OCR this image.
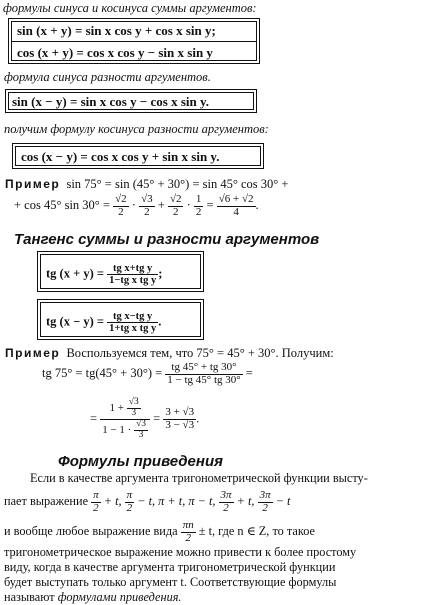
формулы синуса и косинуса суммы аргументов:
sin (x + y) = sin x cos y + cos x sin y;
cos (x + y) = cos x cos y − sin x sin y
формула синуса разности аргументов.
sin (x − y) = sin x cos y − cos x sin y.
получим формулу косинуса разности аргументов:
cos (x − y) = cos x cos y + sin x sin y.
Пример sin 75° = sin (45° + 30°) = sin 45° cos 30° +
+ cos 45° $\sin 30^\circ = \frac{√2}{2} \cdot \frac{√3}{2} + \frac{√2}{2} \cdot \frac{1}{2} = \frac{√6 + √2}{4}$ .
Тангенс суммы и разности аргументов
tg $(x + y) = \frac{\text{tg x+tg y}}{\text{1−tg x tg y}}$ ;
tg $(x - y) = \frac{\text{tg x−tg y}}{\text{1+tg x tg y}}$ .
Пример Воспользуемся тем, что 75° = 45° + 30°. Получим:
tg $75^\circ = tg(45^\circ + 30^\circ) = \frac{tg 45^\circ + tg 30^\circ}{1 - tg 45^\circ tg 30^\circ}$ =
= $\frac{1 + \frac{√3}{3}}{1 - 1 \cdot \frac{√3}{3}} = \frac{3 + √3}{3 - √3}$ .
Формулы приведения
Если в качестве аргумента тригонометрической функции высту-
пает выражение $\frac{\pi}{2} + t$, $\frac{\pi}{2} - t$, π + t, π − t, $\frac{3\pi}{2} + t$, $\frac{3\pi}{2} - t$
и вообще любое выражение вида $\frac{\pi n}{2} \pm t$, где n ∈ Z, то такое
тригонометрическое выражение можно привести к более простому
виду, когда в качестве аргумента тригонометрической функции
будет выступать только аргумент t. Соответствующие формулы
называют формулами приведения.
